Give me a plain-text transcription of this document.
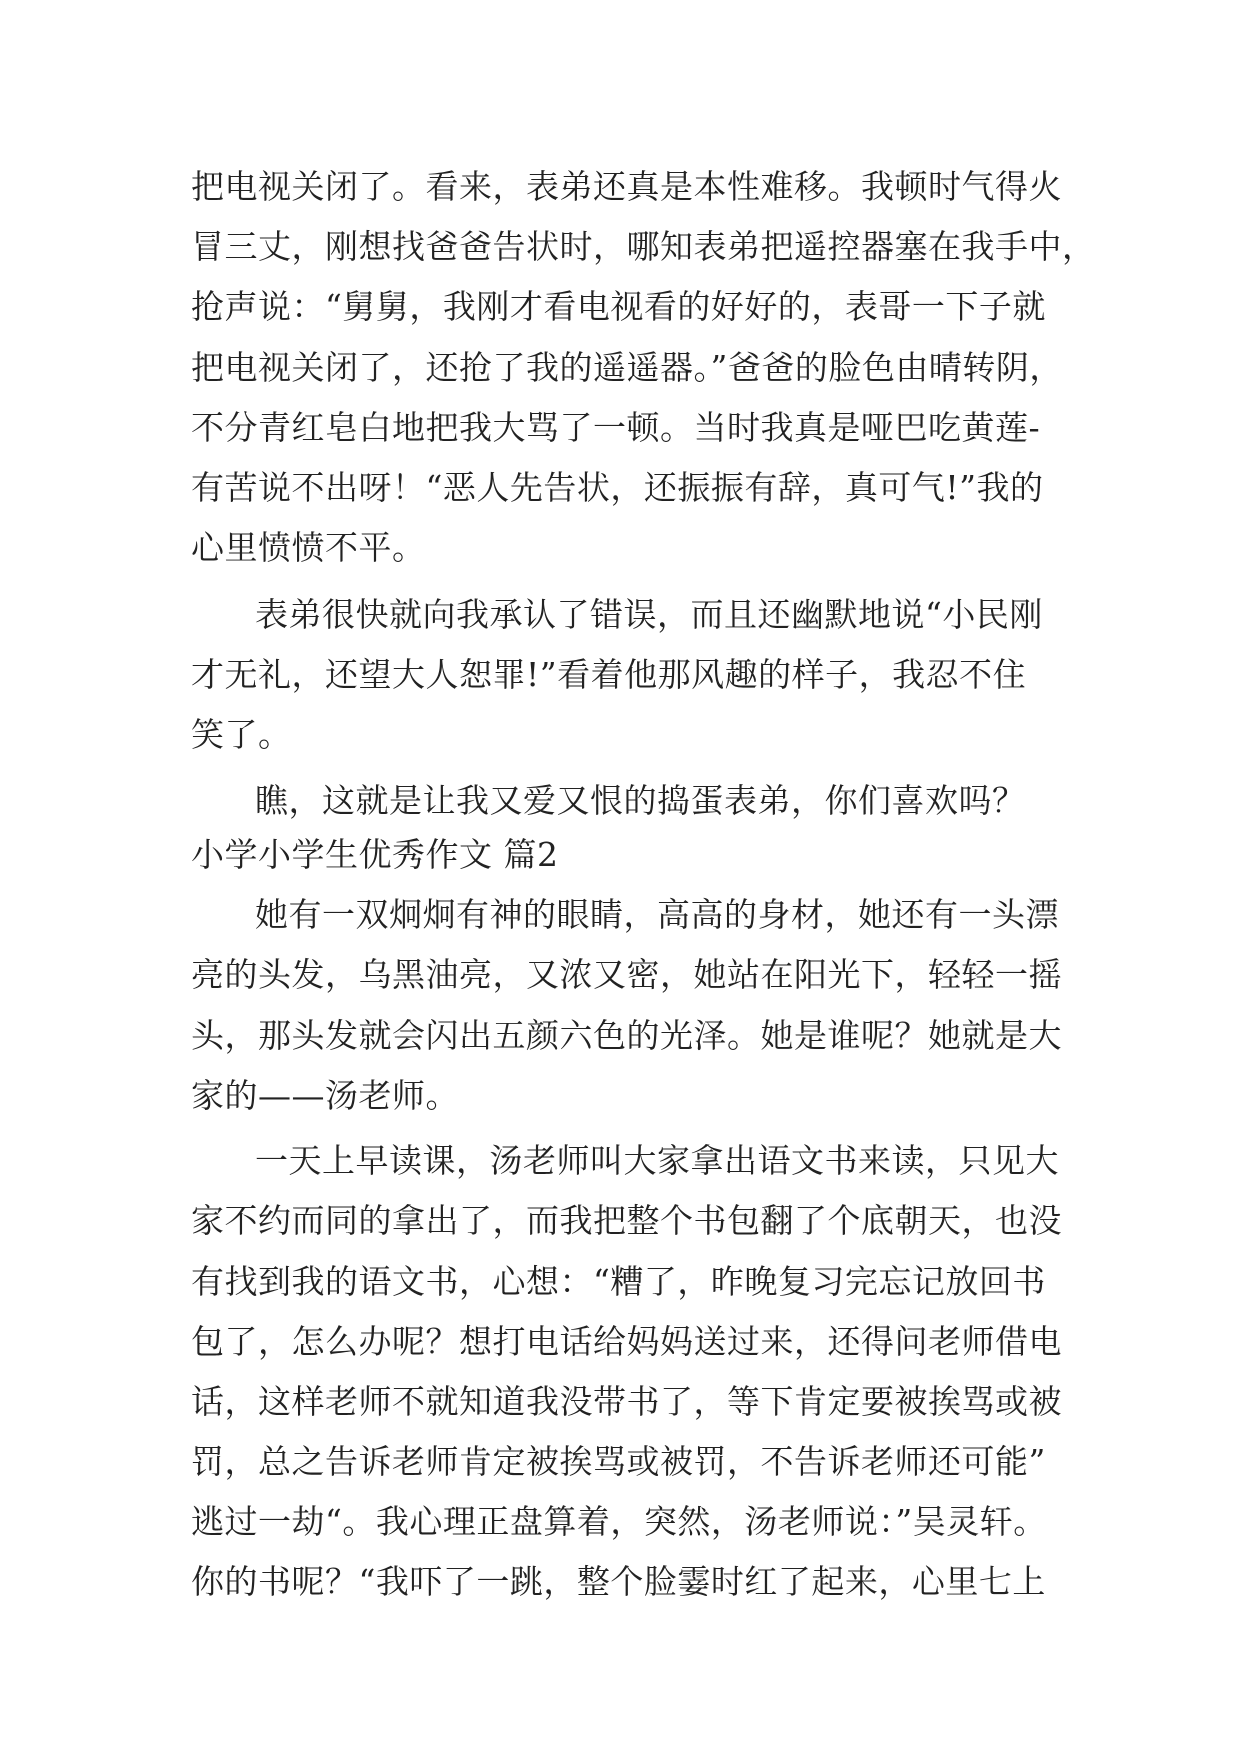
把电视关闭了。看来，表弟还真是本性难移。我顿时气得火
冒三丈，刚想找爸爸告状时，哪知表弟把遥控器塞在我手中，
抢声说：“舅舅，我刚才看电视看的好好的，表哥一下子就
把电视关闭了，还抢了我的遥遥器。”爸爸的脸色由晴转阴，
不分青红皂白地把我大骂了一顿。当时我真是哑巴吃黄莲-
有苦说不出呀！“恶人先告状，还振振有辞，真可气!”我的
心里愤愤不平。
表弟很快就向我承认了错误，而且还幽默地说“小民刚
才无礼，还望大人恕罪!”看着他那风趣的样子，我忍不住
笑了。
瞧，这就是让我又爱又恨的捣蛋表弟，你们喜欢吗？
小学小学生优秀作文 篇2
她有一双炯炯有神的眼睛，高高的身材，她还有一头漂
亮的头发，乌黑油亮，又浓又密，她站在阳光下，轻轻一摇
头，那头发就会闪出五颜六色的光泽。她是谁呢？她就是大
家的——汤老师。
一天上早读课，汤老师叫大家拿出语文书来读，只见大
家不约而同的拿出了，而我把整个书包翻了个底朝天，也没
有找到我的语文书，心想：“糟了，昨晚复习完忘记放回书
包了，怎么办呢？想打电话给妈妈送过来，还得问老师借电
话，这样老师不就知道我没带书了，等下肯定要被挨骂或被
罚，总之告诉老师肯定被挨骂或被罚，不告诉老师还可能”
逃过一劫“。我心理正盘算着，突然，汤老师说：”吴灵轩。
你的书呢？“我吓了一跳，整个脸霎时红了起来，心里七上
